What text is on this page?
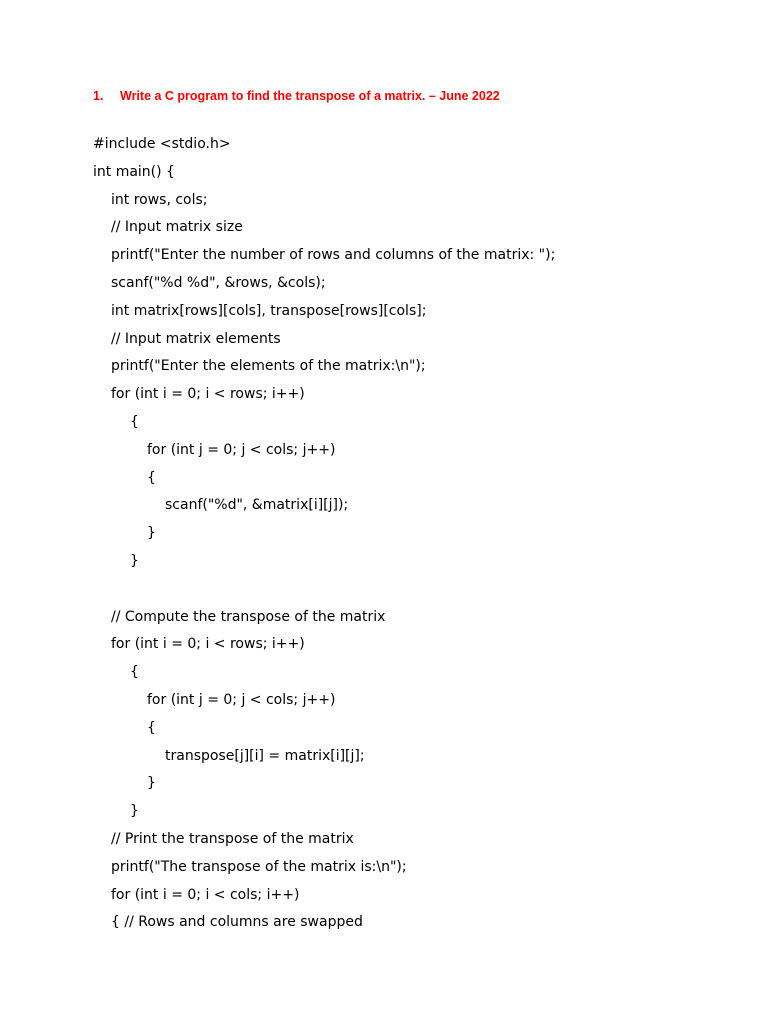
1. Write a C program to find the transpose of a matrix. – June 2022
#include <stdio.h>
int main() {
int rows, cols;
// Input matrix size
printf("Enter the number of rows and columns of the matrix: ");
scanf("%d %d", &rows, &cols);
int matrix[rows][cols], transpose[rows][cols];
// Input matrix elements
printf("Enter the elements of the matrix:\n");
for (int i = 0; i < rows; i++)
{
for (int j = 0; j < cols; j++)
{
scanf("%d", &matrix[i][j]);
}
}
// Compute the transpose of the matrix
for (int i = 0; i < rows; i++)
{
for (int j = 0; j < cols; j++)
{
transpose[j][i] = matrix[i][j];
}
}
// Print the transpose of the matrix
printf("The transpose of the matrix is:\n");
for (int i = 0; i < cols; i++)
{ // Rows and columns are swapped
